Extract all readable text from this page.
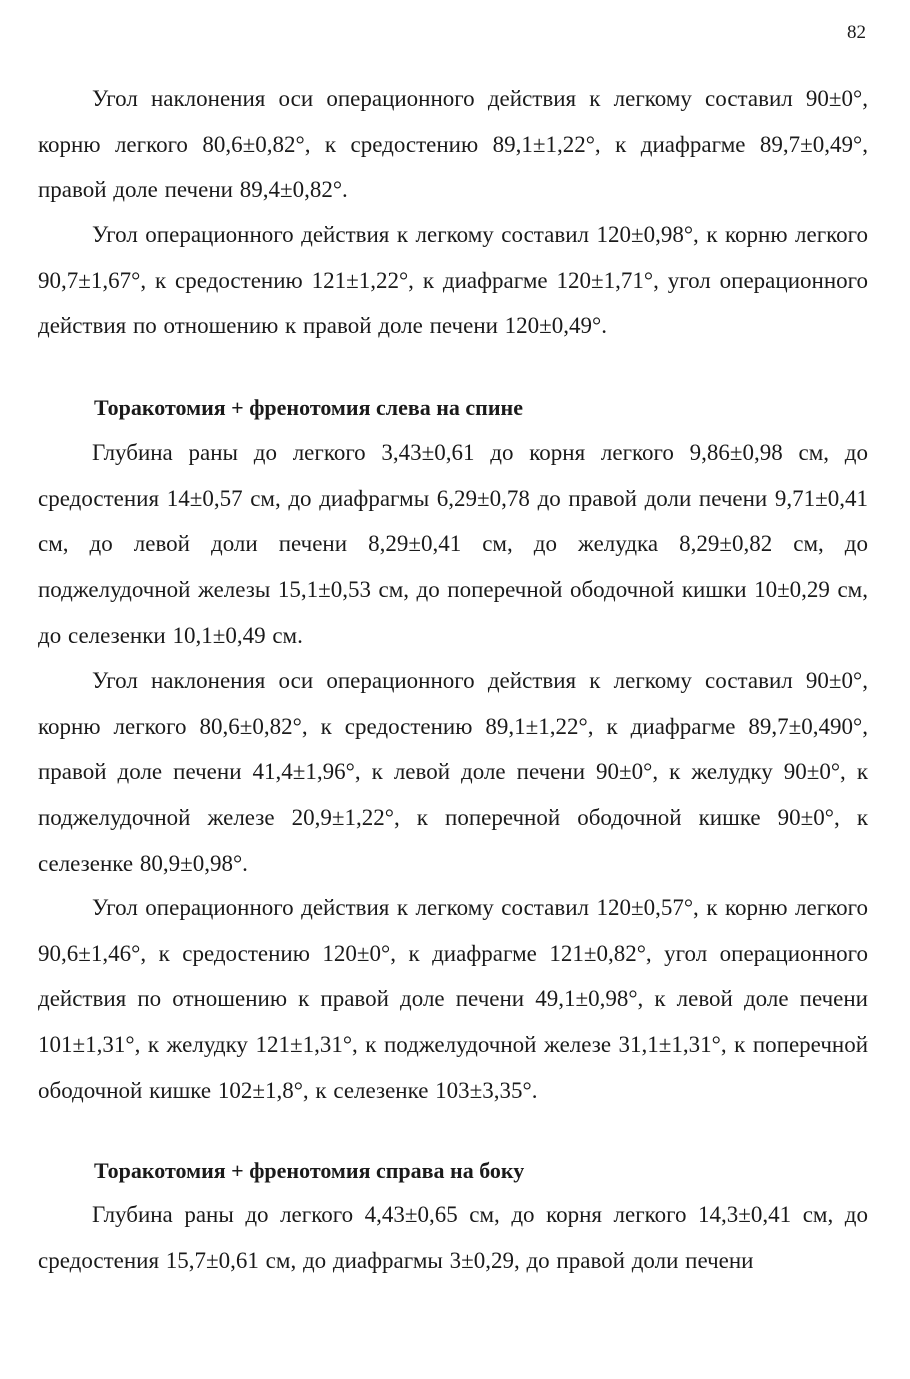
82

Угол наклонения оси операционного действия к легкому составил 90±0°, корню легкого 80,6±0,82°, к средостению 89,1±1,22°, к диафрагме 89,7±0,49°, правой доле печени 89,4±0,82°.

Угол операционного действия к легкому составил 120±0,98°, к корню легкого 90,7±1,67°, к средостению 121±1,22°, к диафрагме 120±1,71°, угол операционного действия по отношению к правой доле печени 120±0,49°.

Торакотомия + френотомия слева на спине

Глубина раны до легкого 3,43±0,61 до корня легкого 9,86±0,98 см, до средостения 14±0,57 см, до диафрагмы 6,29±0,78 до правой доли печени 9,71±0,41 см, до левой доли печени 8,29±0,41 см, до желудка 8,29±0,82 см, до поджелудочной железы 15,1±0,53 см, до поперечной ободочной кишки 10±0,29 см, до селезенки 10,1±0,49 см.

Угол наклонения оси операционного действия к легкому составил 90±0°, корню легкого 80,6±0,82°, к средостению 89,1±1,22°, к диафрагме 89,7±0,490°, правой доле печени 41,4±1,96°, к левой доле печени 90±0°, к желудку 90±0°, к поджелудочной железе 20,9±1,22°, к поперечной ободочной кишке 90±0°, к селезенке 80,9±0,98°.

Угол операционного действия к легкому составил 120±0,57°, к корню легкого 90,6±1,46°, к средостению 120±0°, к диафрагме 121±0,82°, угол операционного действия по отношению к правой доле печени 49,1±0,98°, к левой доле печени 101±1,31°, к желудку 121±1,31°, к поджелудочной железе 31,1±1,31°, к поперечной ободочной кишке 102±1,8°, к селезенке 103±3,35°.

Торакотомия + френотомия справа на боку

Глубина раны до легкого 4,43±0,65 см, до корня легкого 14,3±0,41 см, до средостения 15,7±0,61 см, до диафрагмы 3±0,29, до правой доли печени
